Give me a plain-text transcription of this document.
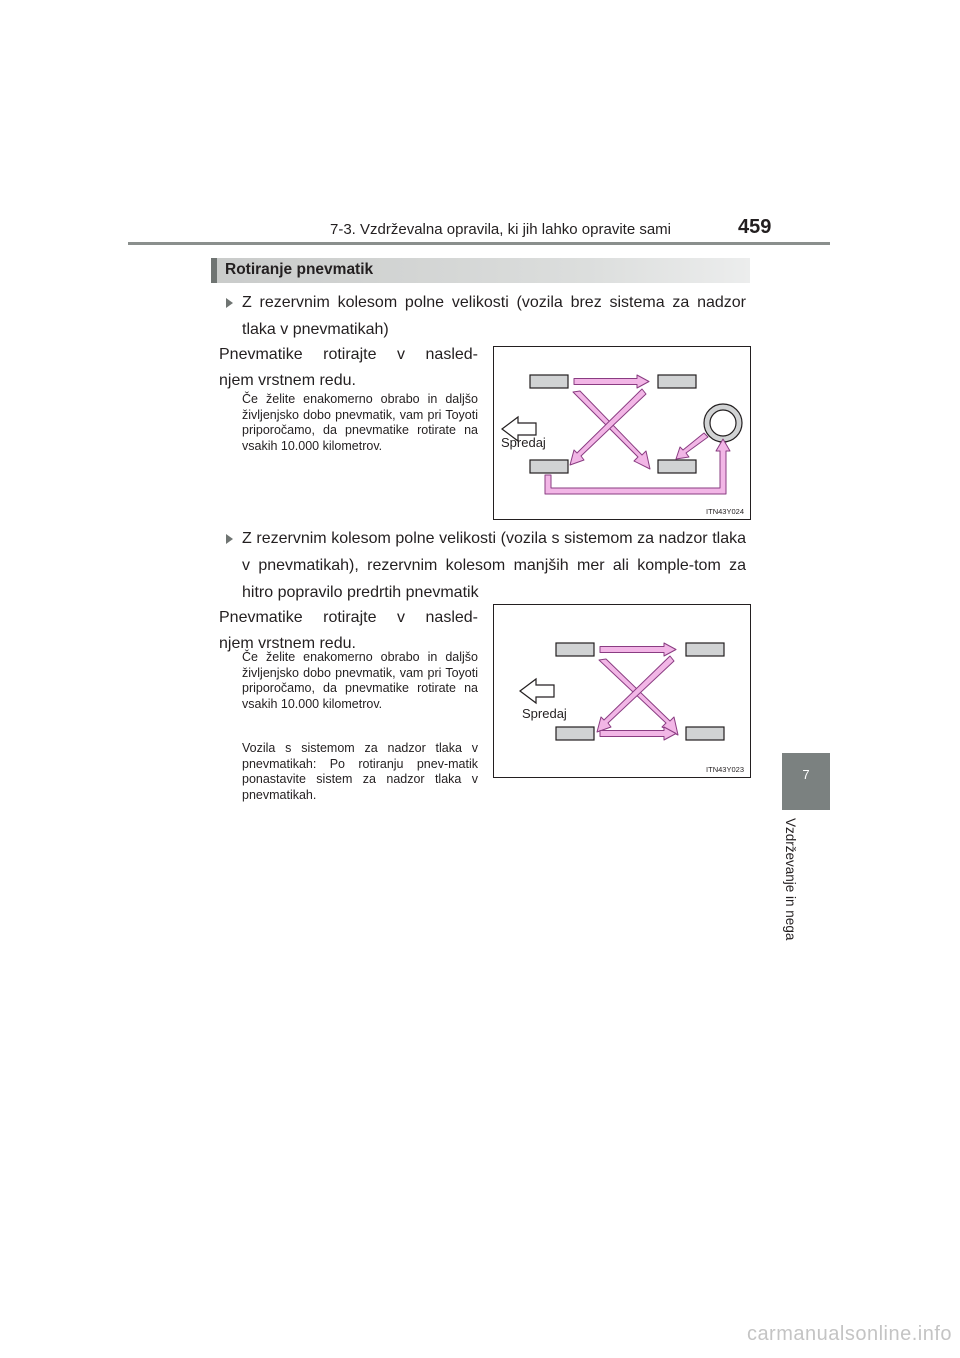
7-3. Vzdrževalna opravila, ki jih lahko opravite sami	459
Rotiranje pnevmatik
Z rezervnim kolesom polne velikosti (vozila brez sistema za nadzor tlaka v pnevmatikah)
Pnevmatike rotirajte v nasled-
njem vrstnem redu.
Če želite enakomerno obrabo in daljšo življenjsko dobo pnevmatik, vam pri Toyoti priporočamo, da pnevmatike rotirate na vsakih 10.000 kilometrov.	Spredaj
ITN43Y024
Z rezervnim kolesom polne velikosti (vozila s sistemom za nadzor tlaka v pnevmatikah), rezervnim kolesom manjših mer ali komple-tom za hitro popravilo predrtih pnevmatik
Pnevmatike rotirajte v nasled-
njem vrstnem redu.
Če želite enakomerno obrabo in daljšo življenjsko dobo pnevmatik, vam pri Toyoti priporočamo, da pnevmatike rotirate na vsakih 10.000 kilometrov.
Vozila s sistemom za nadzor tlaka v pnevmatikah: Po rotiranju pnev-matik ponastavite sistem za nadzor tlaka v pnevmatikah.
Spredaj
ITN43Y023	7
Vzdrževanje in nega
carmanualsonline.info
